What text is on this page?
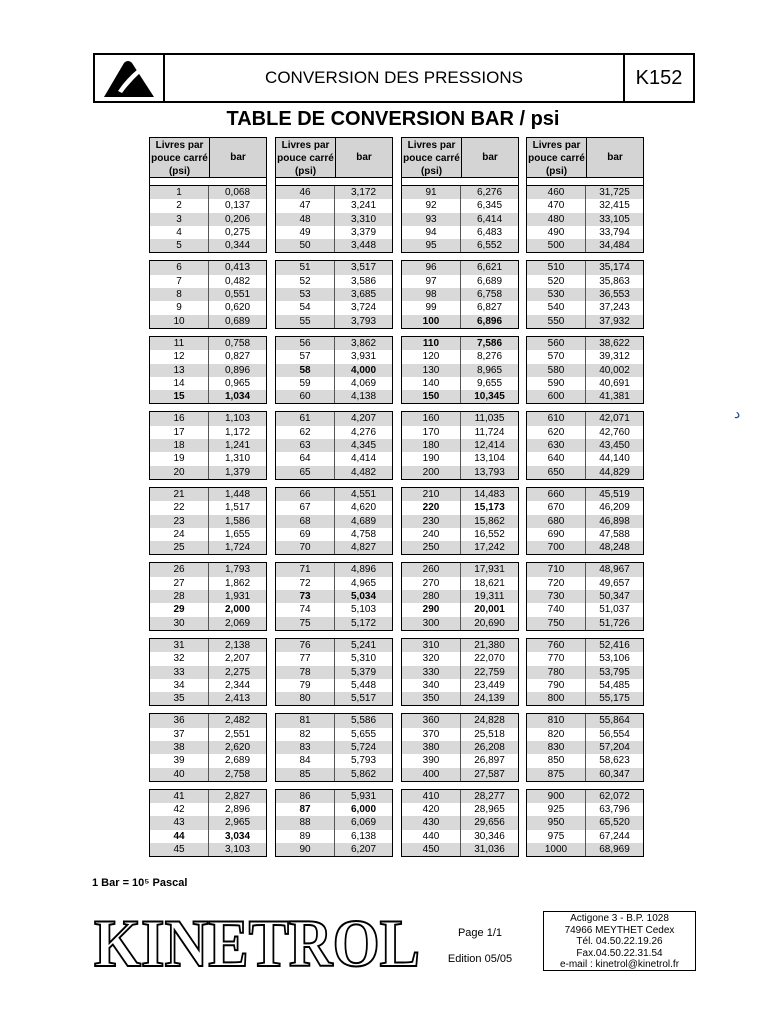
CONVERSION DES PRESSIONS	K152
TABLE DE CONVERSION BAR / psi
Livres par
pouce carré
(psi)
bar
1	0,068
2	0,137
3	0,206
4	0,275
5	0,344
6	0,413
7	0,482
8	0,551
9	0,620
10	0,689
11	0,758
12	0,827
13	0,896
14	0,965
15	1,034
16	1,103
17	1,172
18	1,241
19	1,310
20	1,379
21	1,448
22	1,517
23	1,586
24	1,655
25	1,724
26	1,793
27	1,862
28	1,931
29	2,000
30	2,069
31	2,138
32	2,207
33	2,275
34	2,344
35	2,413
36	2,482
37	2,551
38	2,620
39	2,689
40	2,758
41	2,827
42	2,896
43	2,965
44	3,034
45	3,103
Livres par
pouce carré
(psi)
bar
46	3,172
47	3,241
48	3,310
49	3,379
50	3,448
51	3,517
52	3,586
53	3,685
54	3,724
55	3,793
56	3,862
57	3,931
58	4,000
59	4,069
60	4,138
61	4,207
62	4,276
63	4,345
64	4,414
65	4,482
66	4,551
67	4,620
68	4,689
69	4,758
70	4,827
71	4,896
72	4,965
73	5,034
74	5,103
75	5,172
76	5,241
77	5,310
78	5,379
79	5,448
80	5,517
81	5,586
82	5,655
83	5,724
84	5,793
85	5,862
86	5,931
87	6,000
88	6,069
89	6,138
90	6,207
Livres par
pouce carré
(psi)
bar
91	6,276
92	6,345
93	6,414
94	6,483
95	6,552
96	6,621
97	6,689
98	6,758
99	6,827
100	6,896
110	7,586
120	8,276
130	8,965
140	9,655
150	10,345
160	11,035
170	11,724
180	12,414
190	13,104
200	13,793
210	14,483
220	15,173
230	15,862
240	16,552
250	17,242
260	17,931
270	18,621
280	19,311
290	20,001
300	20,690
310	21,380
320	22,070
330	22,759
340	23,449
350	24,139
360	24,828
370	25,518
380	26,208
390	26,897
400	27,587
410	28,277
420	28,965
430	29,656
440	30,346
450	31,036
Livres par
pouce carré
(psi)
bar
460	31,725
470	32,415
480	33,105
490	33,794
500	34,484
510	35,174
520	35,863
530	36,553
540	37,243
550	37,932
560	38,622
570	39,312
580	40,002
590	40,691
600	41,381
610	42,071
620	42,760
630	43,450
640	44,140
650	44,829
660	45,519
670	46,209
680	46,898
690	47,588
700	48,248
710	48,967
720	49,657
730	50,347
740	51,037
750	51,726
760	52,416
770	53,106
780	53,795
790	54,485
800	55,175
810	55,864
820	56,554
830	57,204
850	58,623
875	60,347
900	62,072
925	63,796
950	65,520
975	67,244
1000	68,969
د
1 Bar = 10⁵ Pascal
KINETROL	Page 1/1
Edition 05/05
Actigone 3 - B.P. 1028
74966 MEYTHET Cedex
Tél. 04.50.22.19.26
Fax.04.50.22.31.54
e-mail : kinetrol@kinetrol.fr
